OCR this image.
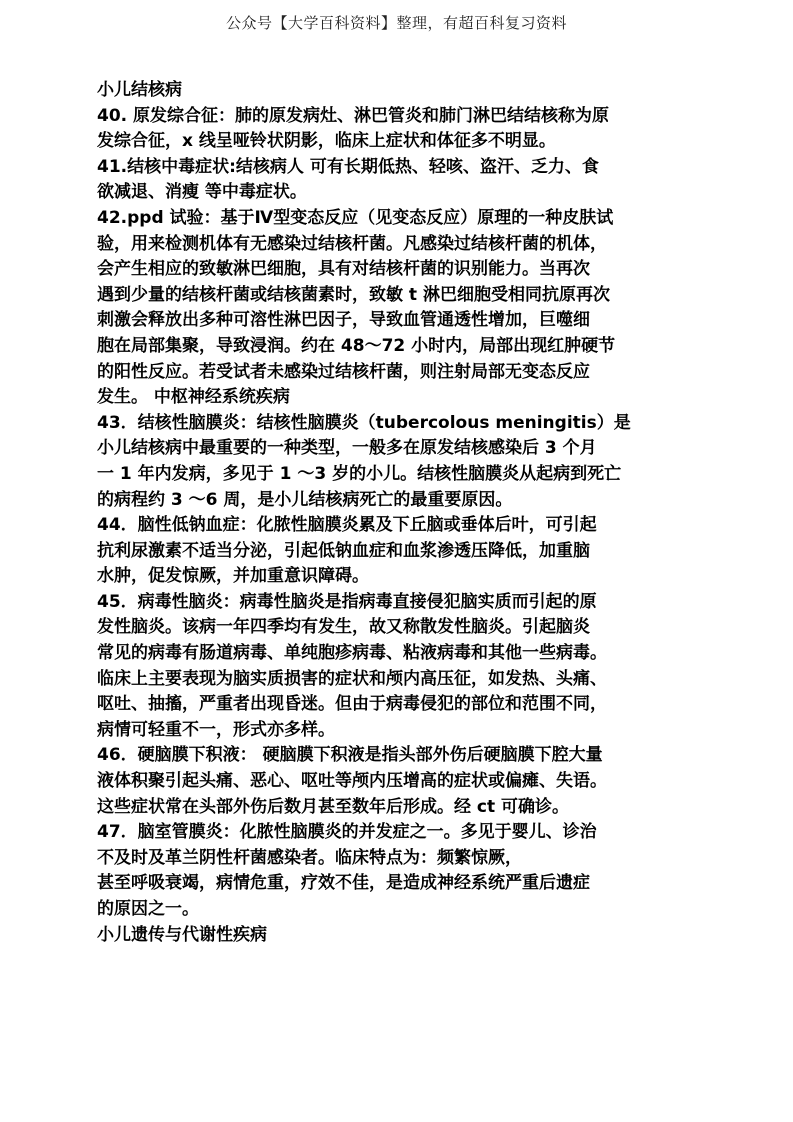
公众号【大学百科资料】整理，有超百科复习资料
小儿结核病
40. 原发综合征：肺的原发病灶、淋巴管炎和肺门淋巴结结核称为原
发综合征，x 线呈哑铃状阴影，临床上症状和体征多不明显。
41.结核中毒症状:结核病人 可有长期低热、轻咳、盗汗、乏力、食
欲减退、消瘦 等中毒症状。
42.ppd 试验：基于Ⅳ型变态反应（见变态反应）原理的一种皮肤试
验，用来检测机体有无感染过结核杆菌。凡感染过结核杆菌的机体，
会产生相应的致敏淋巴细胞，具有对结核杆菌的识别能力。当再次
遇到少量的结核杆菌或结核菌素时，致敏 t 淋巴细胞受相同抗原再次
刺激会释放出多种可溶性淋巴因子，导致血管通透性增加，巨噬细
胞在局部集聚，导致浸润。约在 48～72 小时内，局部出现红肿硬节
的阳性反应。若受试者未感染过结核杆菌，则注射局部无变态反应
发生。 中枢神经系统疾病
43．结核性脑膜炎：结核性脑膜炎（tubercolous meningitis）是
小儿结核病中最重要的一种类型，一般多在原发结核感染后 3 个月
一 1 年内发病，多见于 1 ～3 岁的小儿。结核性脑膜炎从起病到死亡
的病程约 3 ～6 周，是小儿结核病死亡的最重要原因。
44．脑性低钠血症：化脓性脑膜炎累及下丘脑或垂体后叶，可引起
抗利尿激素不适当分泌，引起低钠血症和血浆渗透压降低，加重脑
水肿，促发惊厥，并加重意识障碍。
45．病毒性脑炎：病毒性脑炎是指病毒直接侵犯脑实质而引起的原
发性脑炎。该病一年四季均有发生，故又称散发性脑炎。引起脑炎
常见的病毒有肠道病毒、单纯胞疹病毒、粘液病毒和其他一些病毒。
临床上主要表现为脑实质损害的症状和颅内高压征，如发热、头痛、
呕吐、抽搐，严重者出现昏迷。但由于病毒侵犯的部位和范围不同，
病情可轻重不一，形式亦多样。
46．硬脑膜下积液： 硬脑膜下积液是指头部外伤后硬脑膜下腔大量
液体积聚引起头痛、恶心、呕吐等颅内压增高的症状或偏瘫、失语。
这些症状常在头部外伤后数月甚至数年后形成。经 ct 可确诊。
47．脑室管膜炎：化脓性脑膜炎的并发症之一。多见于婴儿、诊治
不及时及革兰阴性杆菌感染者。临床特点为：频繁惊厥，
甚至呼吸衰竭，病情危重，疗效不佳，是造成神经系统严重后遗症
的原因之一。
小儿遗传与代谢性疾病
